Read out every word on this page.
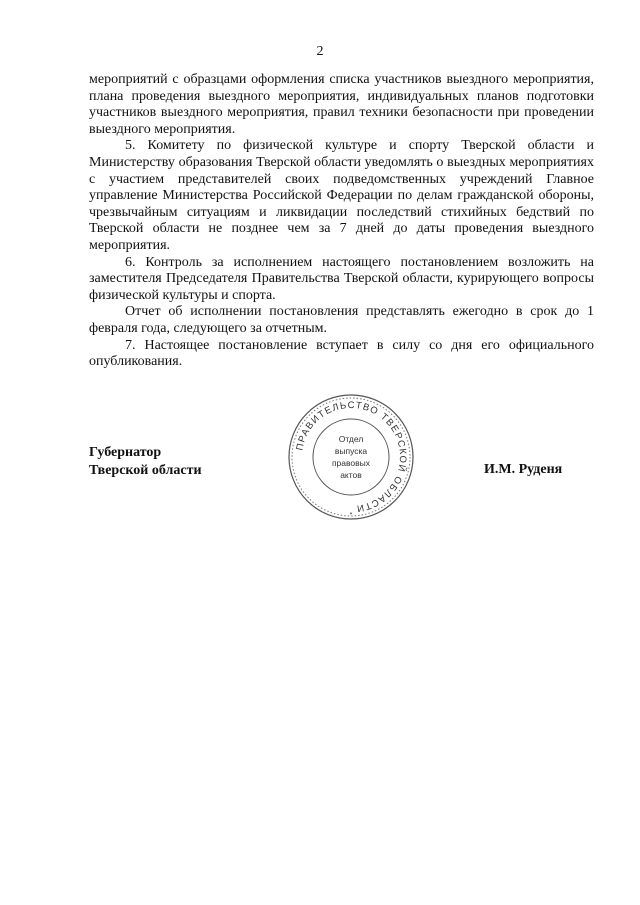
2

мероприятий с образцами оформления списка участников выездного мероприятия, плана проведения выездного мероприятия, индивидуальных планов подготовки участников выездного мероприятия, правил техники безопасности при проведении выездного мероприятия.

5. Комитету по физической культуре и спорту Тверской области и Министерству образования Тверской области уведомлять о выездных мероприятиях с участием представителей своих подведомственных учреждений Главное управление Министерства Российской Федерации по делам гражданской обороны, чрезвычайным ситуациям и ликвидации последствий стихийных бедствий по Тверской области не позднее чем за 7 дней до даты проведения выездного мероприятия.

6. Контроль за исполнением настоящего постановлением возложить на заместителя Председателя Правительства Тверской области, курирующего вопросы физической культуры и спорта.

Отчет об исполнении постановления представлять ежегодно в срок до 1 февраля года, следующего за отчетным.

7. Настоящее постановление вступает в силу со дня его официального опубликования.

Губернатор
Тверской области
ПРАВИТЕЛЬСТВО ТВЕРСКОЙ ОБЛАСТИ
•
Отдел
выпуска
правовых
актов	И.М. Руденя
